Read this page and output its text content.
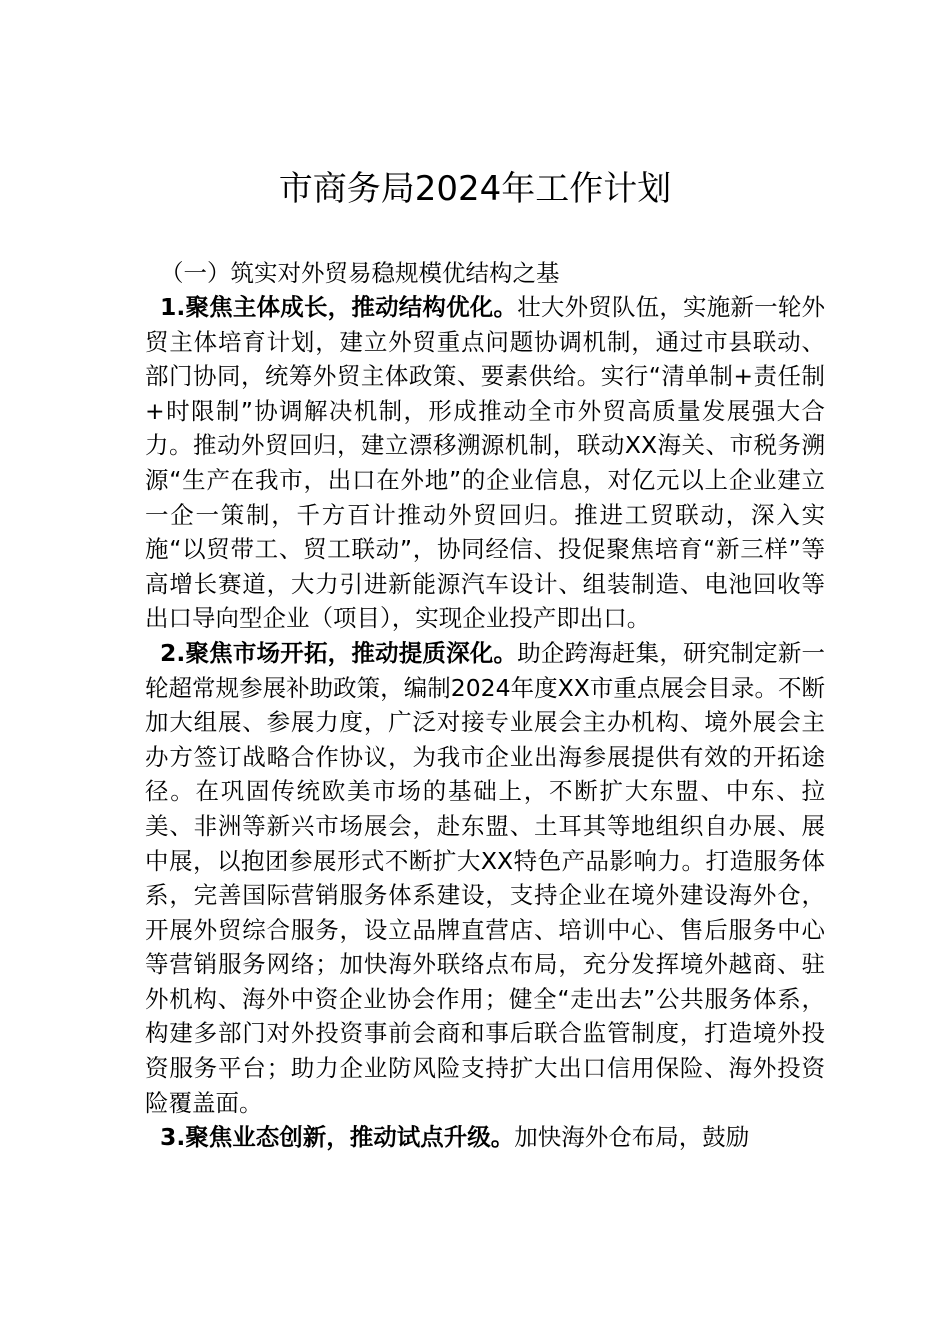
市商务局2024年工作计划
（一）筑实对外贸易稳规模优结构之基

1.聚焦主体成长，推动结构优化。壮大外贸队伍，实施新一轮外贸主体培育计划，建立外贸重点问题协调机制，通过市县联动、部门协同，统筹外贸主体政策、要素供给。实行“清单制+责任制+时限制”协调解决机制，形成推动全市外贸高质量发展强大合力。推动外贸回归，建立漂移溯源机制，联动XX海关、市税务溯源“生产在我市，出口在外地”的企业信息，对亿元以上企业建立一企一策制，千方百计推动外贸回归。推进工贸联动，深入实施“以贸带工、贸工联动”，协同经信、投促聚焦培育“新三样”等高增长赛道，大力引进新能源汽车设计、组装制造、电池回收等出口导向型企业（项目），实现企业投产即出口。

2.聚焦市场开拓，推动提质深化。助企跨海赶集，研究制定新一轮超常规参展补助政策，编制2024年度XX市重点展会目录。不断加大组展、参展力度，广泛对接专业展会主办机构、境外展会主办方签订战略合作协议，为我市企业出海参展提供有效的开拓途径。在巩固传统欧美市场的基础上，不断扩大东盟、中东、拉美、非洲等新兴市场展会，赴东盟、土耳其等地组织自办展、展中展，以抱团参展形式不断扩大XX特色产品影响力。打造服务体系，完善国际营销服务体系建设，支持企业在境外建设海外仓，开展外贸综合服务，设立品牌直营店、培训中心、售后服务中心等营销服务网络；加快海外联络点布局，充分发挥境外越商、驻外机构、海外中资企业协会作用；健全“走出去”公共服务体系，构建多部门对外投资事前会商和事后联合监管制度，打造境外投资服务平台；助力企业防风险支持扩大出口信用保险、海外投资险覆盖面。

3.聚焦业态创新，推动试点升级。加快海外仓布局，鼓励
